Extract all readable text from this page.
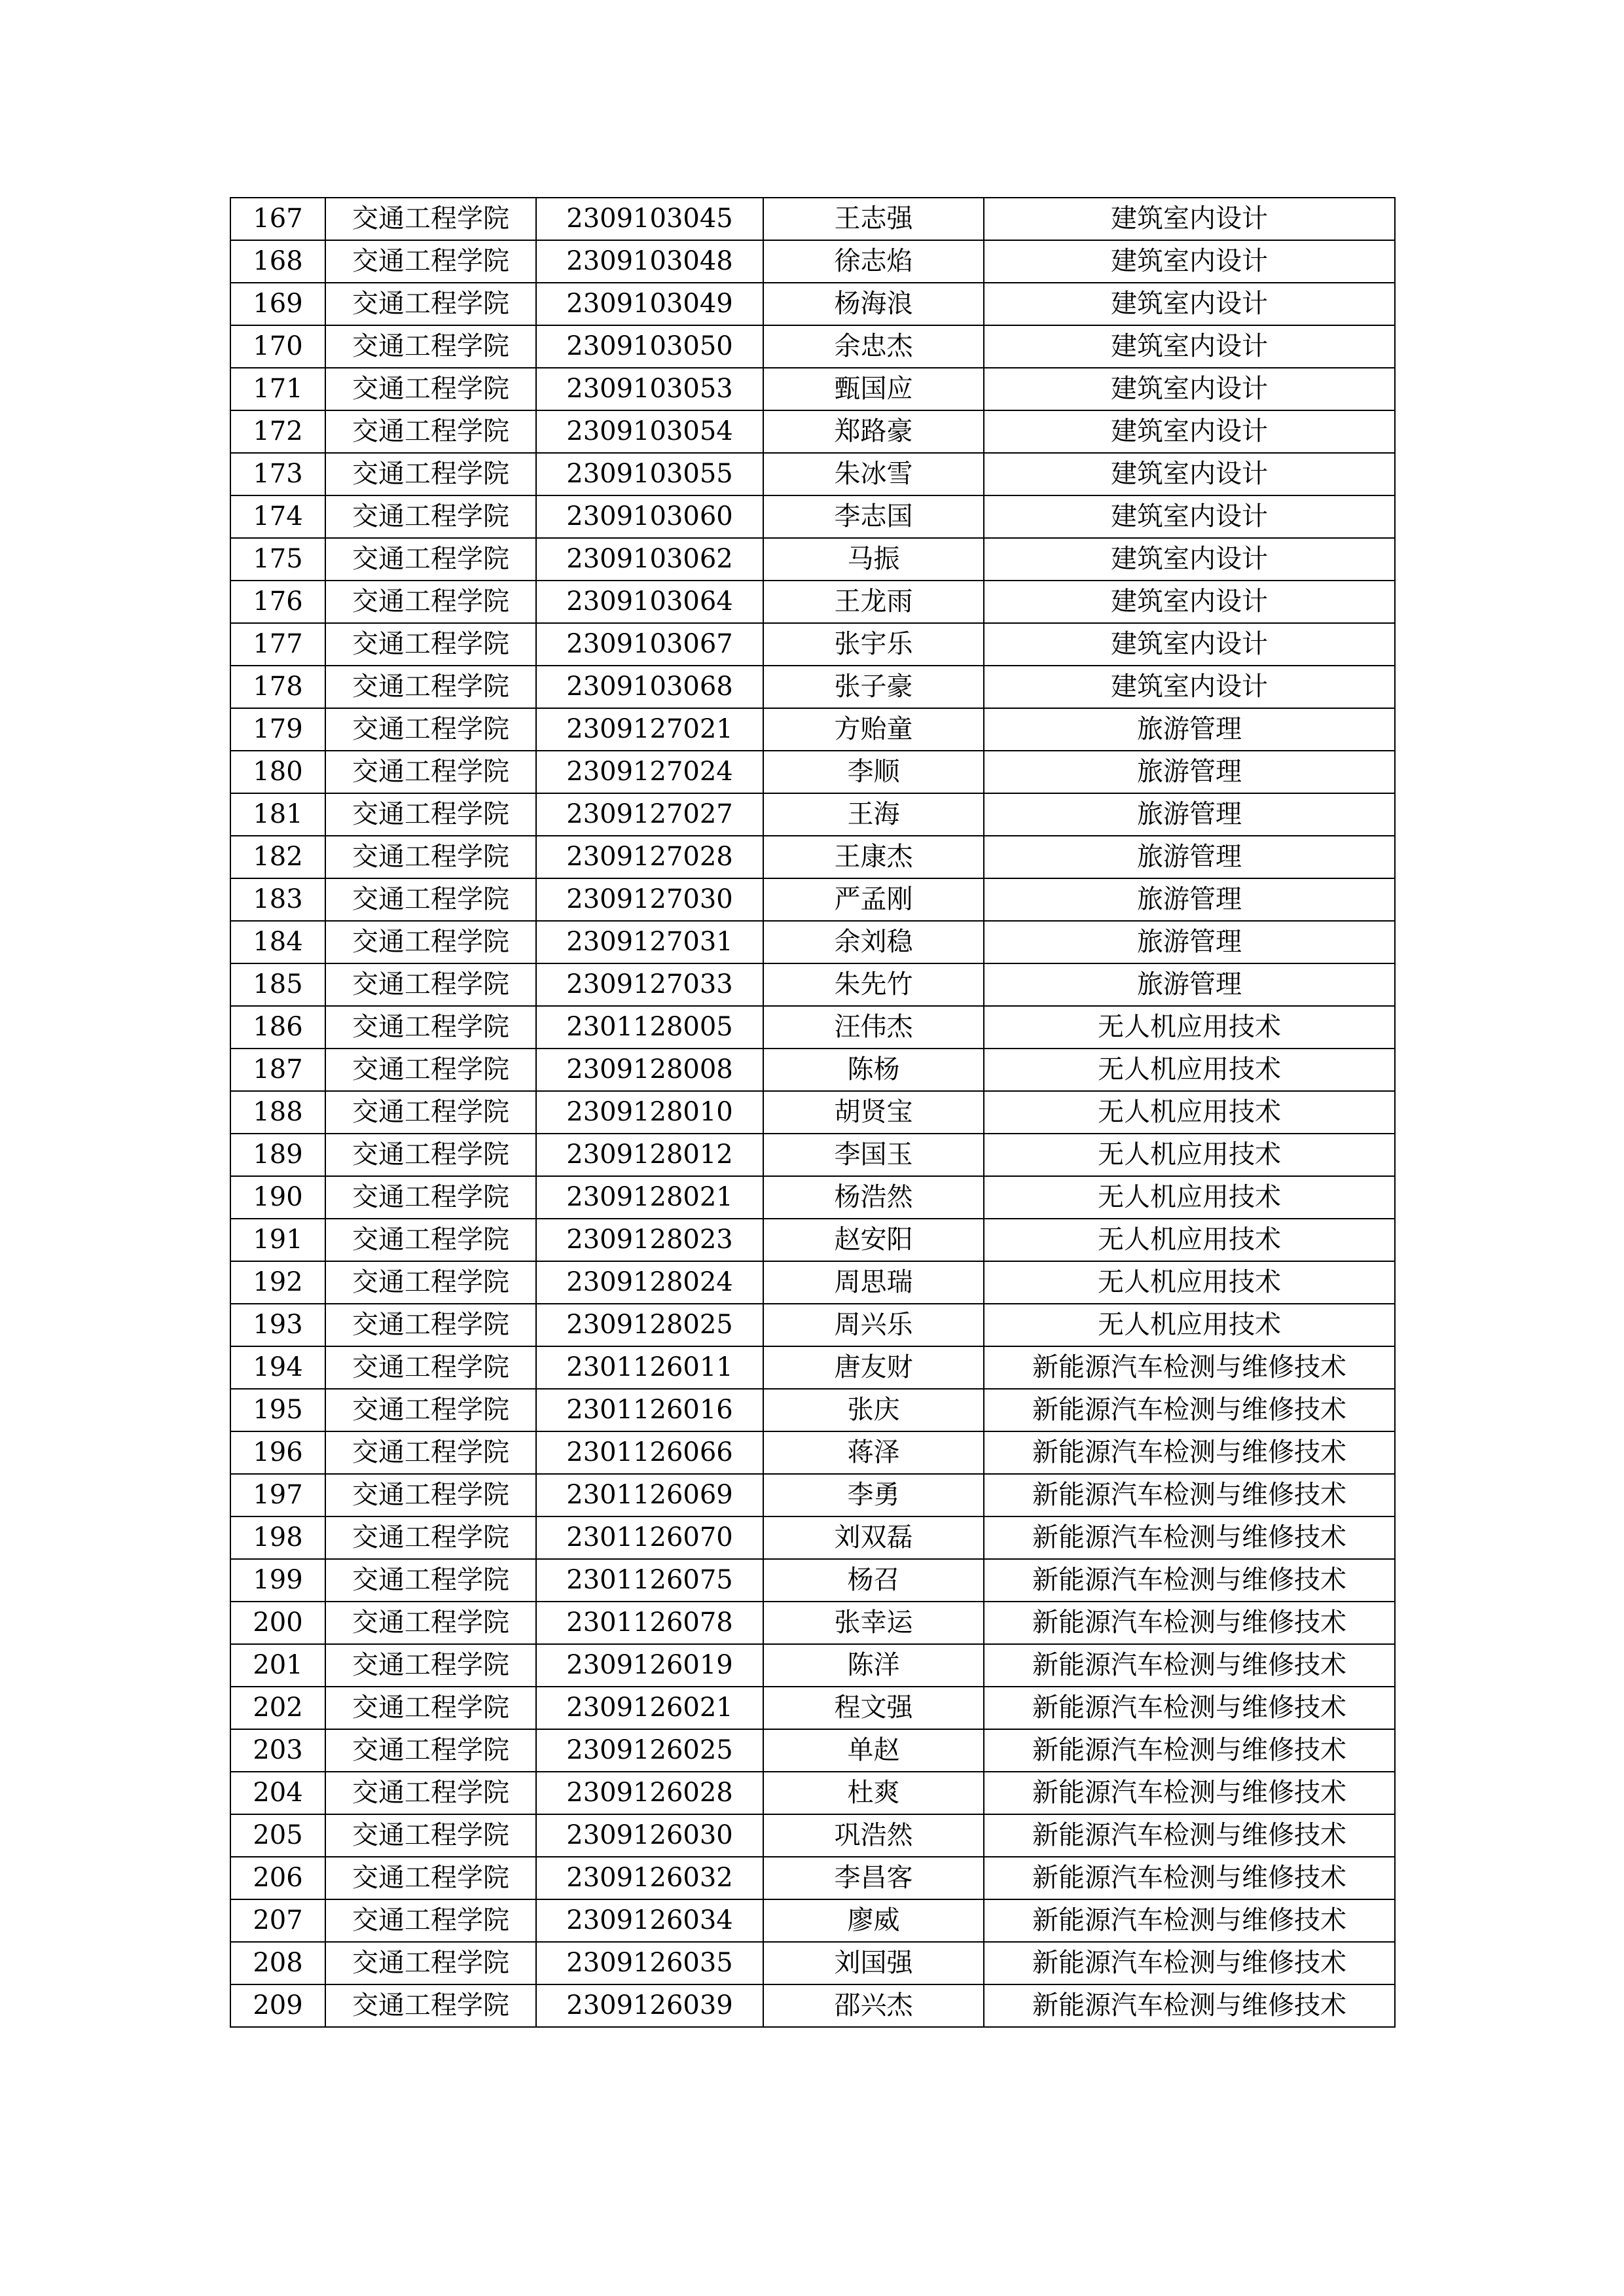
167	交通工程学院	2309103045	王志强	建筑室内设计
168	交通工程学院	2309103048	徐志焰	建筑室内设计
169	交通工程学院	2309103049	杨海浪	建筑室内设计
170	交通工程学院	2309103050	余忠杰	建筑室内设计
171	交通工程学院	2309103053	甄国应	建筑室内设计
172	交通工程学院	2309103054	郑路豪	建筑室内设计
173	交通工程学院	2309103055	朱冰雪	建筑室内设计
174	交通工程学院	2309103060	李志国	建筑室内设计
175	交通工程学院	2309103062	马振	建筑室内设计
176	交通工程学院	2309103064	王龙雨	建筑室内设计
177	交通工程学院	2309103067	张宇乐	建筑室内设计
178	交通工程学院	2309103068	张子豪	建筑室内设计
179	交通工程学院	2309127021	方贻童	旅游管理
180	交通工程学院	2309127024	李顺	旅游管理
181	交通工程学院	2309127027	王海	旅游管理
182	交通工程学院	2309127028	王康杰	旅游管理
183	交通工程学院	2309127030	严孟刚	旅游管理
184	交通工程学院	2309127031	余刘稳	旅游管理
185	交通工程学院	2309127033	朱先竹	旅游管理
186	交通工程学院	2301128005	汪伟杰	无人机应用技术
187	交通工程学院	2309128008	陈杨	无人机应用技术
188	交通工程学院	2309128010	胡贤宝	无人机应用技术
189	交通工程学院	2309128012	李国玉	无人机应用技术
190	交通工程学院	2309128021	杨浩然	无人机应用技术
191	交通工程学院	2309128023	赵安阳	无人机应用技术
192	交通工程学院	2309128024	周思瑞	无人机应用技术
193	交通工程学院	2309128025	周兴乐	无人机应用技术
194	交通工程学院	2301126011	唐友财	新能源汽车检测与维修技术
195	交通工程学院	2301126016	张庆	新能源汽车检测与维修技术
196	交通工程学院	2301126066	蒋泽	新能源汽车检测与维修技术
197	交通工程学院	2301126069	李勇	新能源汽车检测与维修技术
198	交通工程学院	2301126070	刘双磊	新能源汽车检测与维修技术
199	交通工程学院	2301126075	杨召	新能源汽车检测与维修技术
200	交通工程学院	2301126078	张幸运	新能源汽车检测与维修技术
201	交通工程学院	2309126019	陈洋	新能源汽车检测与维修技术
202	交通工程学院	2309126021	程文强	新能源汽车检测与维修技术
203	交通工程学院	2309126025	单赵	新能源汽车检测与维修技术
204	交通工程学院	2309126028	杜爽	新能源汽车检测与维修技术
205	交通工程学院	2309126030	巩浩然	新能源汽车检测与维修技术
206	交通工程学院	2309126032	李昌客	新能源汽车检测与维修技术
207	交通工程学院	2309126034	廖威	新能源汽车检测与维修技术
208	交通工程学院	2309126035	刘国强	新能源汽车检测与维修技术
209	交通工程学院	2309126039	邵兴杰	新能源汽车检测与维修技术
